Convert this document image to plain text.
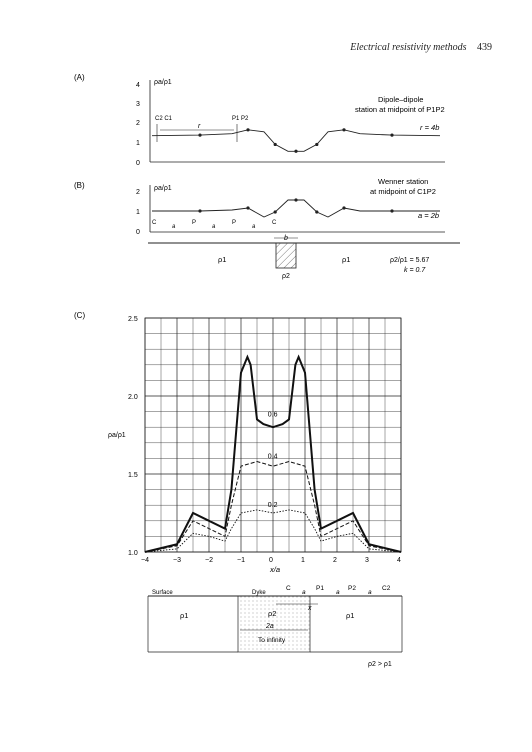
Electrical resistivity methods 439
(A)
ρa/ρ1
0
1
2
3
4
Dipole–dipole
station at midpoint of P1P2
r = 4b
C2 C1	P1 P2
r
(B)	ρa/ρ1
0
1
2
Wenner station
at midpoint of C1P2
a = 2b
C
a
P
a
P
a
C
b
ρ1	ρ1
ρ2
ρ2/ρ1 = 5.67
k = 0.7
(C)
ρa/ρ1
1.0
1.5
2.0
2.5
−4	−3	−2	−1	0	1	2	3	4
x/a
0.6
0.4
0.2
Surface	Dyke
ρ1	ρ1
ρ2
2a
To infinity
C
a
P1
a
P2
a
C2
x
ρ2 > ρ1
